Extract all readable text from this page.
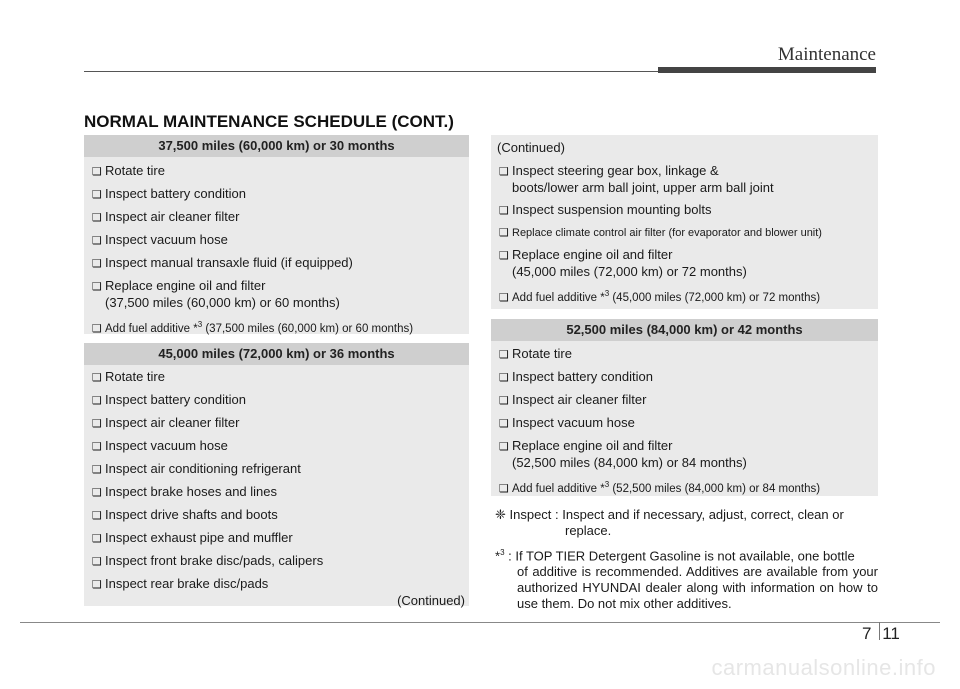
Maintenance
NORMAL MAINTENANCE SCHEDULE (CONT.)
37,500 miles (60,000 km) or 30 months
❑ Rotate tire
❑ Inspect battery condition
❑ Inspect air cleaner filter
❑ Inspect vacuum hose
❑ Inspect manual transaxle fluid (if equipped)
❑ Replace engine oil and filter
(37,500 miles (60,000 km) or 60 months)
❑ Add fuel additive *$^3$ (37,500 miles (60,000 km) or 60 months)
45,000 miles (72,000 km) or 36 months
❑ Rotate tire
❑ Inspect battery condition
❑ Inspect air cleaner filter
❑ Inspect vacuum hose
❑ Inspect air conditioning refrigerant
❑ Inspect brake hoses and lines
❑ Inspect drive shafts and boots
❑ Inspect exhaust pipe and muffler
❑ Inspect front brake disc/pads, calipers
❑ Inspect rear brake disc/pads
(Continued)
(Continued)
❑ Inspect steering gear box, linkage &
boots/lower arm ball joint, upper arm ball joint
❑ Inspect suspension mounting bolts
❑ Replace climate control air filter (for evaporator and blower unit)
❑ Replace engine oil and filter
(45,000 miles (72,000 km) or 72 months)
❑ Add fuel additive *$^3$ (45,000 miles (72,000 km) or 72 months)
52,500 miles (84,000 km) or 42 months
❑ Rotate tire
❑ Inspect battery condition
❑ Inspect air cleaner filter
❑ Inspect vacuum hose
❑ Replace engine oil and filter
(52,500 miles (84,000 km) or 84 months)
❑ Add fuel additive *$^3$ (52,500 miles (84,000 km) or 84 months)
❈ Inspect : Inspect and if necessary, adjust, correct, clean or
replace.
*$^3$ : If TOP TIER Detergent Gasoline is not available, one bottle
of additive is recommended. Additives are available from your authorized HYUNDAI dealer along with information on how to use them. Do not mix other additives.
7 11
carmanualsonline.info
